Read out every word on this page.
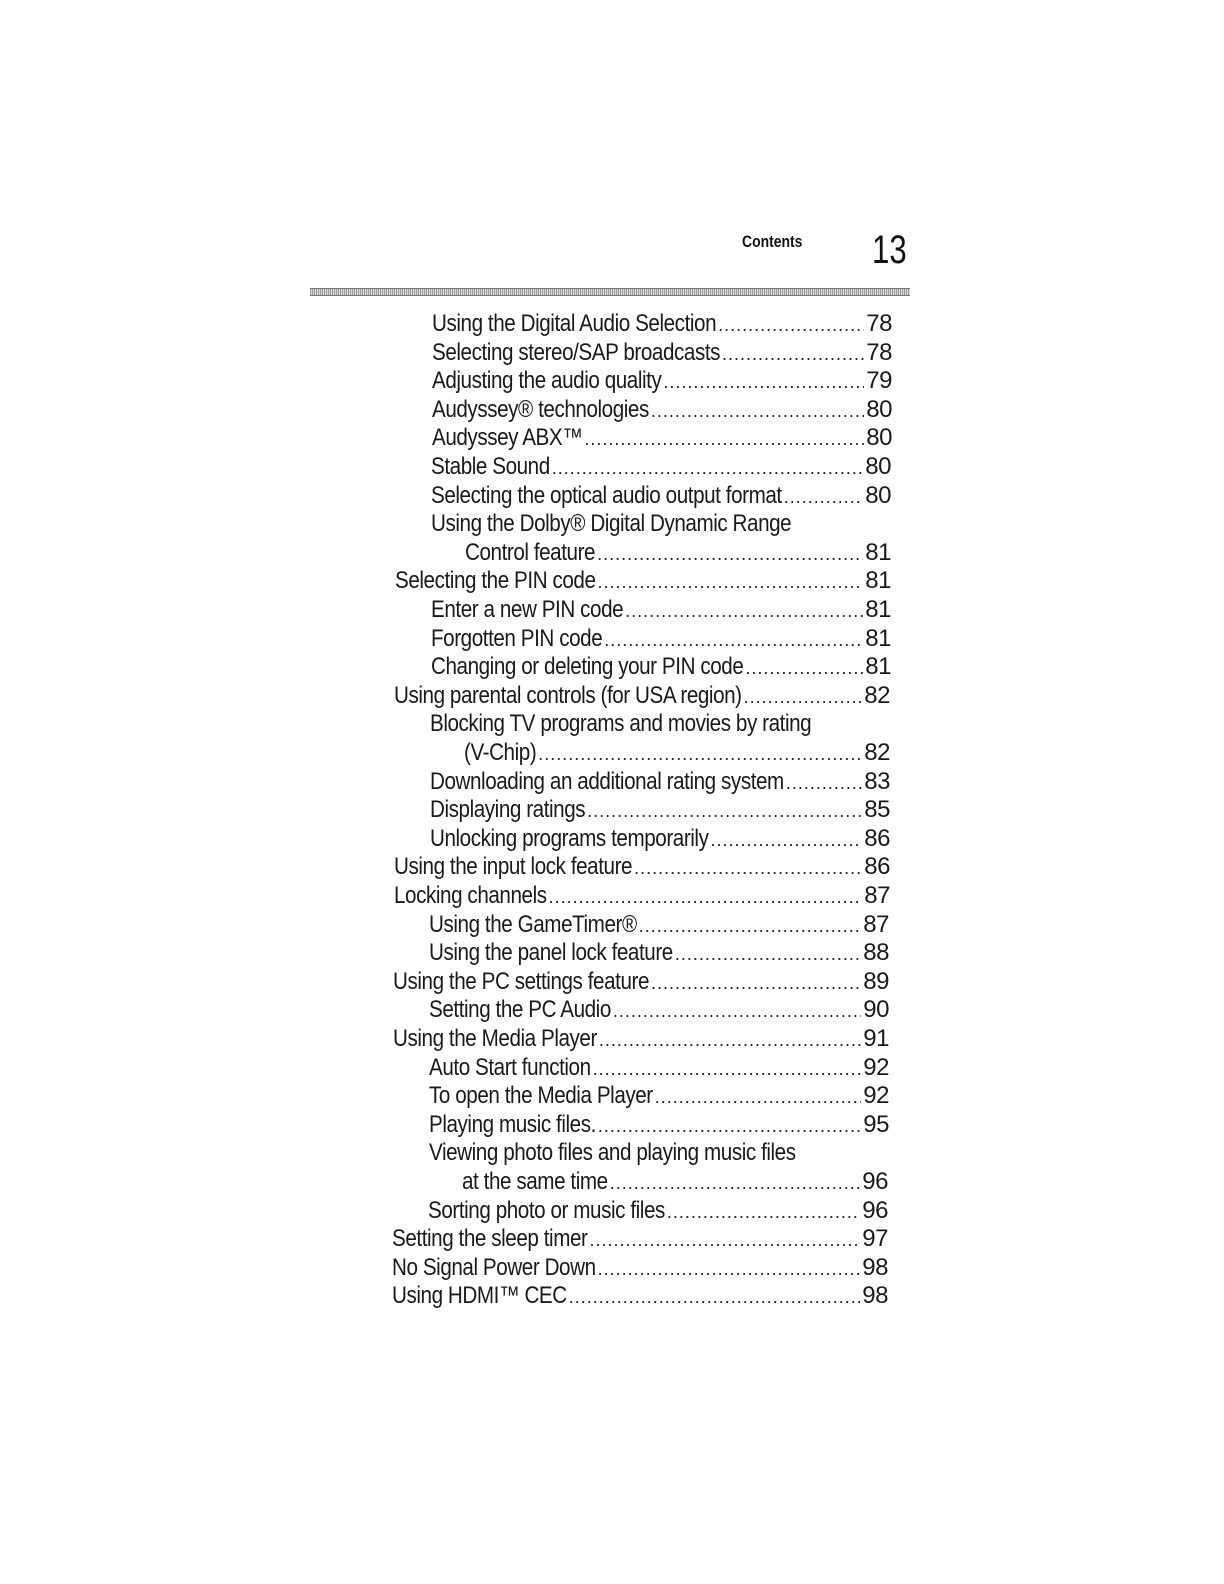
Contents 13
Using the Digital Audio Selection .....	78
Selecting stereo/SAP broadcasts .....	78
Adjusting the audio quality .....	79
Audyssey® technologies .....	80
Audyssey ABX™ .....	80
Stable Sound .....	80
Selecting the optical audio output format .....	80
Using the Dolby® Digital Dynamic Range
Control feature .....	81
Selecting the PIN code .....	81
Enter a new PIN code .....	81
Forgotten PIN code .....	81
Changing or deleting your PIN code .....	81
Using parental controls (for USA region) .....	82
Blocking TV programs and movies by rating
(V-Chip) .....	82
Downloading an additional rating system .....	83
Displaying ratings .....	85
Unlocking programs temporarily .....	86
Using the input lock feature .....	86
Locking channels .....	87
Using the GameTimer® .....	87
Using the panel lock feature .....	88
Using the PC settings feature .....	89
Setting the PC Audio .....	90
Using the Media Player .....	91
Auto Start function .....	92
To open the Media Player .....	92
Playing music files. .....	95
Viewing photo files and playing music files
at the same time .....	96
Sorting photo or music files .....	96
Setting the sleep timer .....	97
No Signal Power Down .....	98
Using HDMI™ CEC .....	98
